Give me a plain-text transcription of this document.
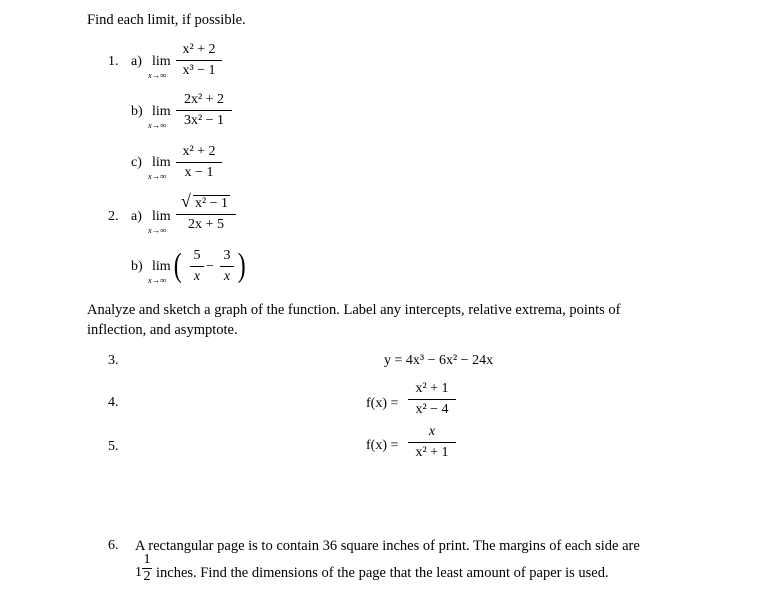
Find each limit, if possible.
1. a) lim
x→∞
x² + 2
x³ − 1
b) lim
x→∞
2x² + 2
3x² − 1
c) lim
x→∞
x² + 2
x − 1
2. a) lim
x→∞
√ x² − 1
2x + 5
b) lim
x→∞ ( 5
x
−
3
x )
Analyze and sketch a graph of the function. Label any intercepts, relative extrema, points of
inflection, and asymptote.
3.	y = 4x³ − 6x² − 24x
4.	f(x) =
x² + 1
x² − 4
5.	f(x) =
x
x² + 1
6. A rectangular page is to contain 36 square inches of print. The margins of each side are
1
1
2 inches. Find the dimensions of the page that the least amount of paper is used.
